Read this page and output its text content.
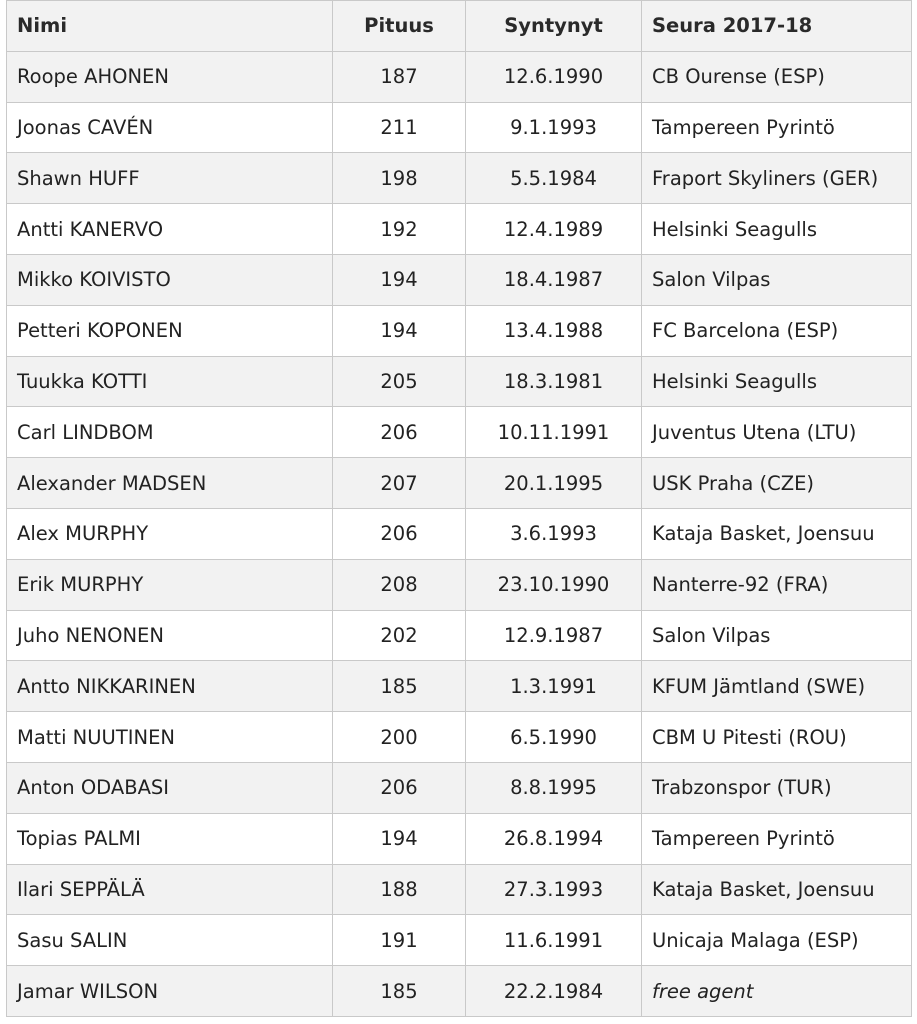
Nimi	Pituus	Syntynyt	Seura 2017-18
Roope AHONEN	187	12.6.1990	CB Ourense (ESP)
Joonas CAVÉN	211	9.1.1993	Tampereen Pyrintö
Shawn HUFF	198	5.5.1984	Fraport Skyliners (GER)
Antti KANERVO	192	12.4.1989	Helsinki Seagulls
Mikko KOIVISTO	194	18.4.1987	Salon Vilpas
Petteri KOPONEN	194	13.4.1988	FC Barcelona (ESP)
Tuukka KOTTI	205	18.3.1981	Helsinki Seagulls
Carl LINDBOM	206	10.11.1991	Juventus Utena (LTU)
Alexander MADSEN	207	20.1.1995	USK Praha (CZE)
Alex MURPHY	206	3.6.1993	Kataja Basket, Joensuu
Erik MURPHY	208	23.10.1990	Nanterre-92 (FRA)
Juho NENONEN	202	12.9.1987	Salon Vilpas
Antto NIKKARINEN	185	1.3.1991	KFUM Jämtland (SWE)
Matti NUUTINEN	200	6.5.1990	CBM U Pitesti (ROU)
Anton ODABASI	206	8.8.1995	Trabzonspor (TUR)
Topias PALMI	194	26.8.1994	Tampereen Pyrintö
Ilari SEPPÄLÄ	188	27.3.1993	Kataja Basket, Joensuu
Sasu SALIN	191	11.6.1991	Unicaja Malaga (ESP)
Jamar WILSON	185	22.2.1984	free agent
